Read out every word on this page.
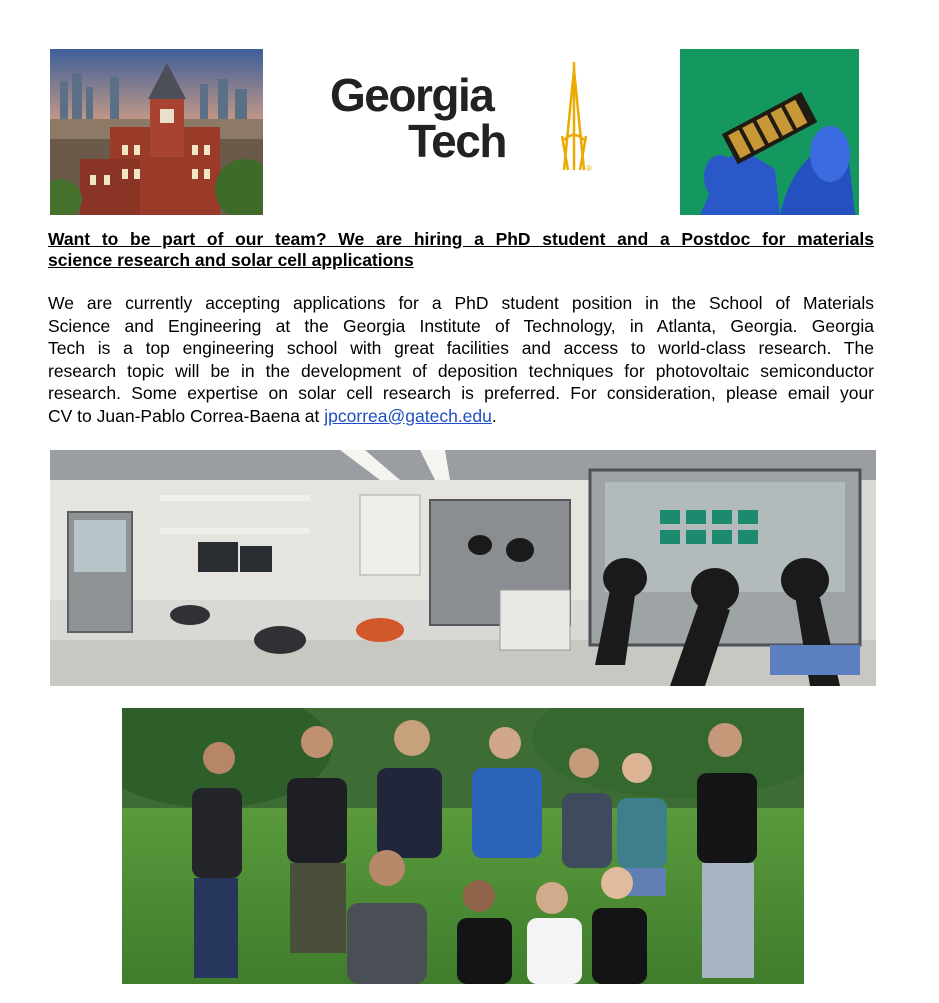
Georgia
Tech
®
Want to be part of our team? We are hiring a PhD student and a Postdoc for materials
science research and solar cell applications
We are currently accepting applications for a PhD student position in the School of Materials
Science and Engineering at the Georgia Institute of Technology, in Atlanta, Georgia. Georgia
Tech is a top engineering school with great facilities and access to world-class research. The
research topic will be in the development of deposition techniques for photovoltaic semiconductor
research. Some expertise on solar cell research is preferred. For consideration, please email your
CV to Juan-Pablo Correa-Baena at jpcorrea@gatech.edu.
